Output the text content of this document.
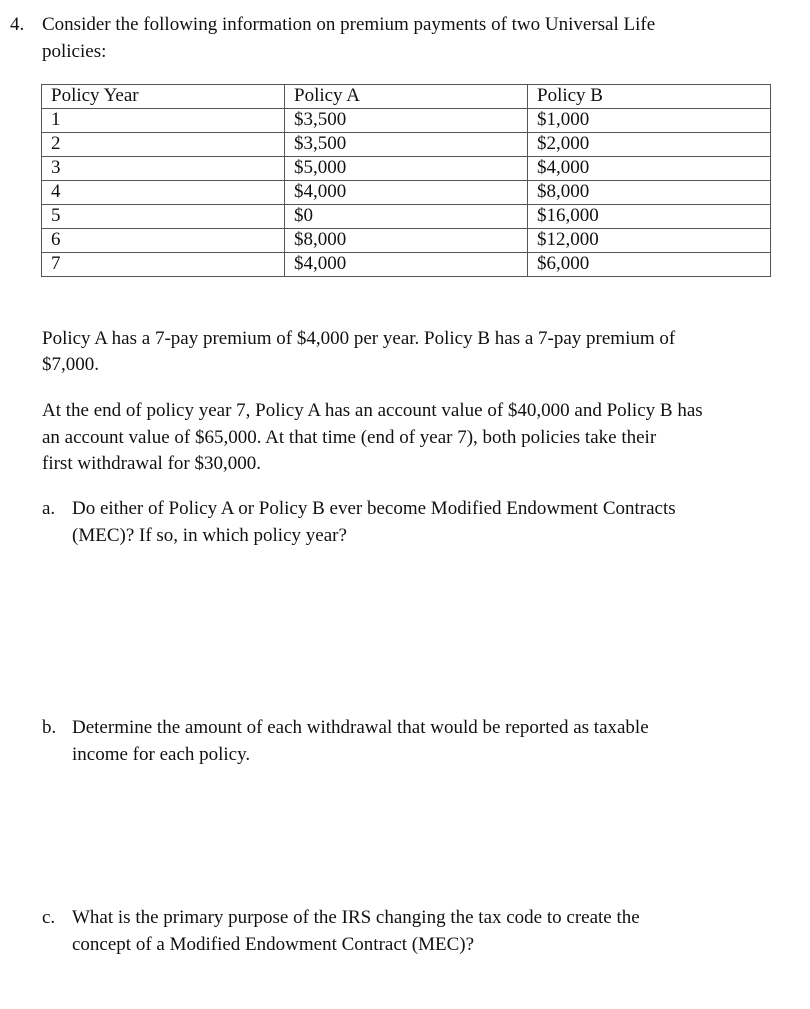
4. Consider the following information on premium payments of two Universal Life
policies:
Policy Year	Policy A	Policy B
1	$3,500	$1,000
2	$3,500	$2,000
3	$5,000	$4,000
4	$4,000	$8,000
5	$0	$16,000
6	$8,000	$12,000
7	$4,000	$6,000
Policy A has a 7-pay premium of $4,000 per year. Policy B has a 7-pay premium of
$7,000.
At the end of policy year 7, Policy A has an account value of $40,000 and Policy B has
an account value of $65,000. At that time (end of year 7), both policies take their
first withdrawal for $30,000.
a. Do either of Policy A or Policy B ever become Modified Endowment Contracts
(MEC)? If so, in which policy year?
b. Determine the amount of each withdrawal that would be reported as taxable
income for each policy.
c. What is the primary purpose of the IRS changing the tax code to create the
concept of a Modified Endowment Contract (MEC)?
